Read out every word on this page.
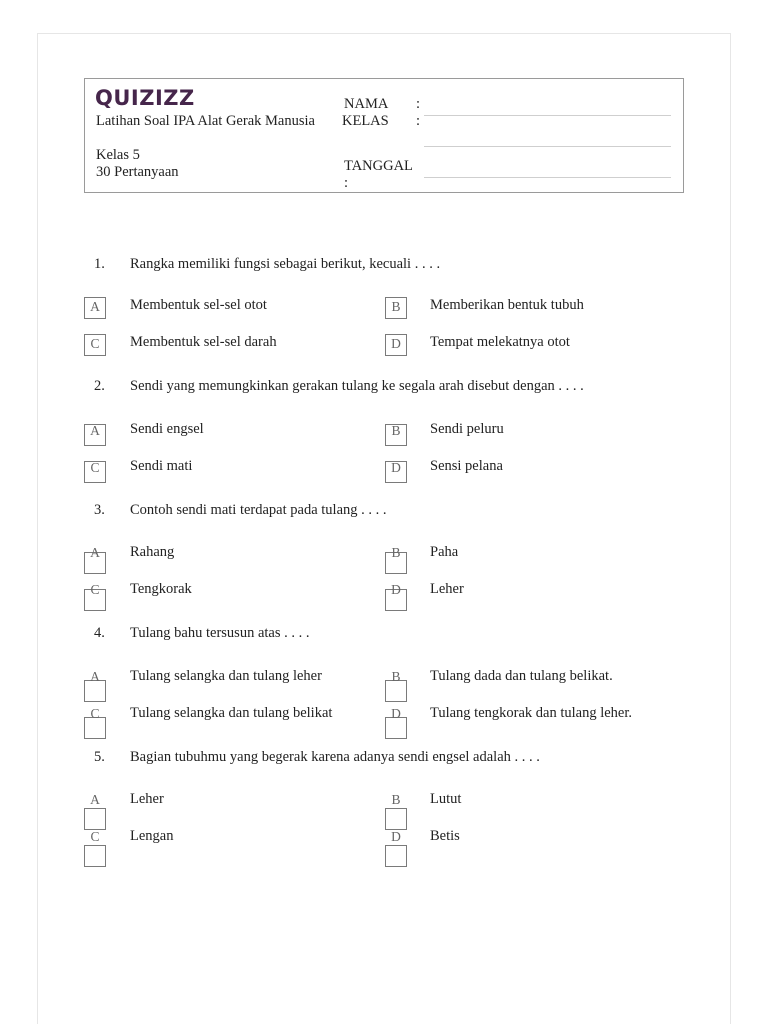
QUIZIZZ
Latihan Soal IPA Alat Gerak Manusia
Kelas 5
30 Pertanyaan
NAMA :
KELAS :
TANGGAL
:
1. Rangka memiliki fungsi sebagai berikut, kecuali . . . .
A	Membentuk sel-sel otot	B	Memberikan bentuk tubuh
C	Membentuk sel-sel darah	D	Tempat melekatnya otot
2. Sendi yang memungkinkan gerakan tulang ke segala arah disebut dengan . . . .
A	Sendi engsel	B	Sendi peluru
C	Sendi mati	D	Sensi pelana
3. Contoh sendi mati terdapat pada tulang . . . .
A	Rahang	B	Paha
C	Tengkorak	D	Leher
4. Tulang bahu tersusun atas . . . .
A	Tulang selangka dan tulang leher	B	Tulang dada dan tulang belikat.
C	Tulang selangka dan tulang belikat	D	Tulang tengkorak dan tulang leher.
5. Bagian tubuhmu yang begerak karena adanya sendi engsel adalah . . . .
A	Leher	B	Lutut
C	Lengan	D	Betis
